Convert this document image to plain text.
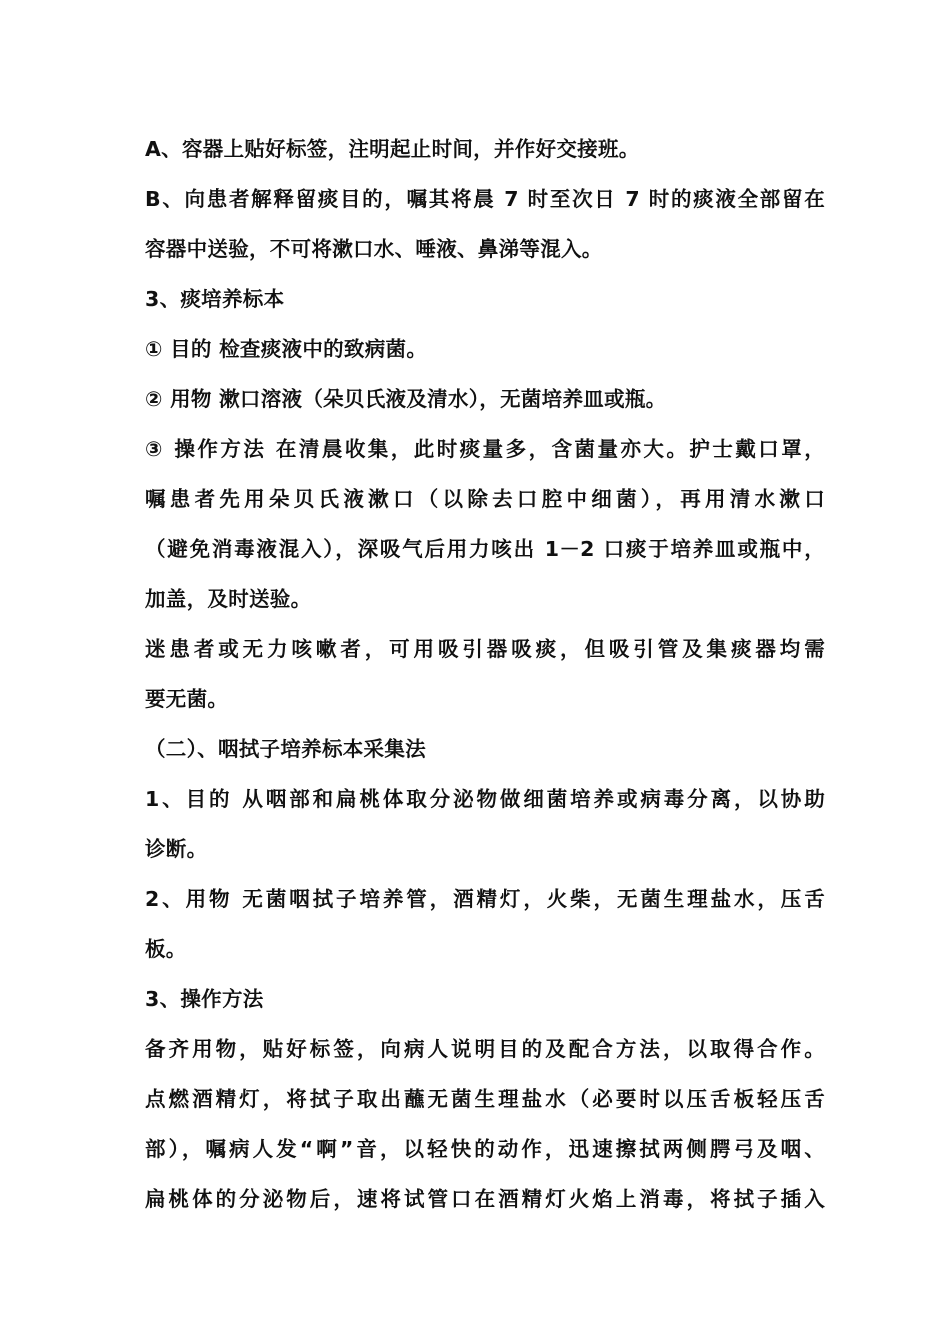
A、容器上贴好标签，注明起止时间，并作好交接班。
B、向患者解释留痰目的，嘱其将晨 7 时至次日 7 时的痰液全部留在
容器中送验，不可将漱口水、唾液、鼻涕等混入。
3、痰培养标本
① 目的 检查痰液中的致病菌。
② 用物 漱口溶液（朵贝氏液及清水），无菌培养皿或瓶。
③ 操作方法 在清晨收集，此时痰量多，含菌量亦大。护士戴口罩，
嘱患者先用朵贝氏液漱口（以除去口腔中细菌），再用清水漱口
（避免消毒液混入），深吸气后用力咳出 1－2 口痰于培养皿或瓶中，
加盖，及时送验。
迷患者或无力咳嗽者，可用吸引器吸痰，但吸引管及集痰器均需
要无菌。
（二）、咽拭子培养标本采集法
1、目的 从咽部和扁桃体取分泌物做细菌培养或病毒分离，以协助
诊断。
2、用物 无菌咽拭子培养管，酒精灯，火柴，无菌生理盐水，压舌
板。
3、操作方法
备齐用物，贴好标签，向病人说明目的及配合方法，以取得合作。
点燃酒精灯，将拭子取出蘸无菌生理盐水（必要时以压舌板轻压舌
部），嘱病人发“啊”音，以轻快的动作，迅速擦拭两侧腭弓及咽、
扁桃体的分泌物后，速将试管口在酒精灯火焰上消毒，将拭子插入
